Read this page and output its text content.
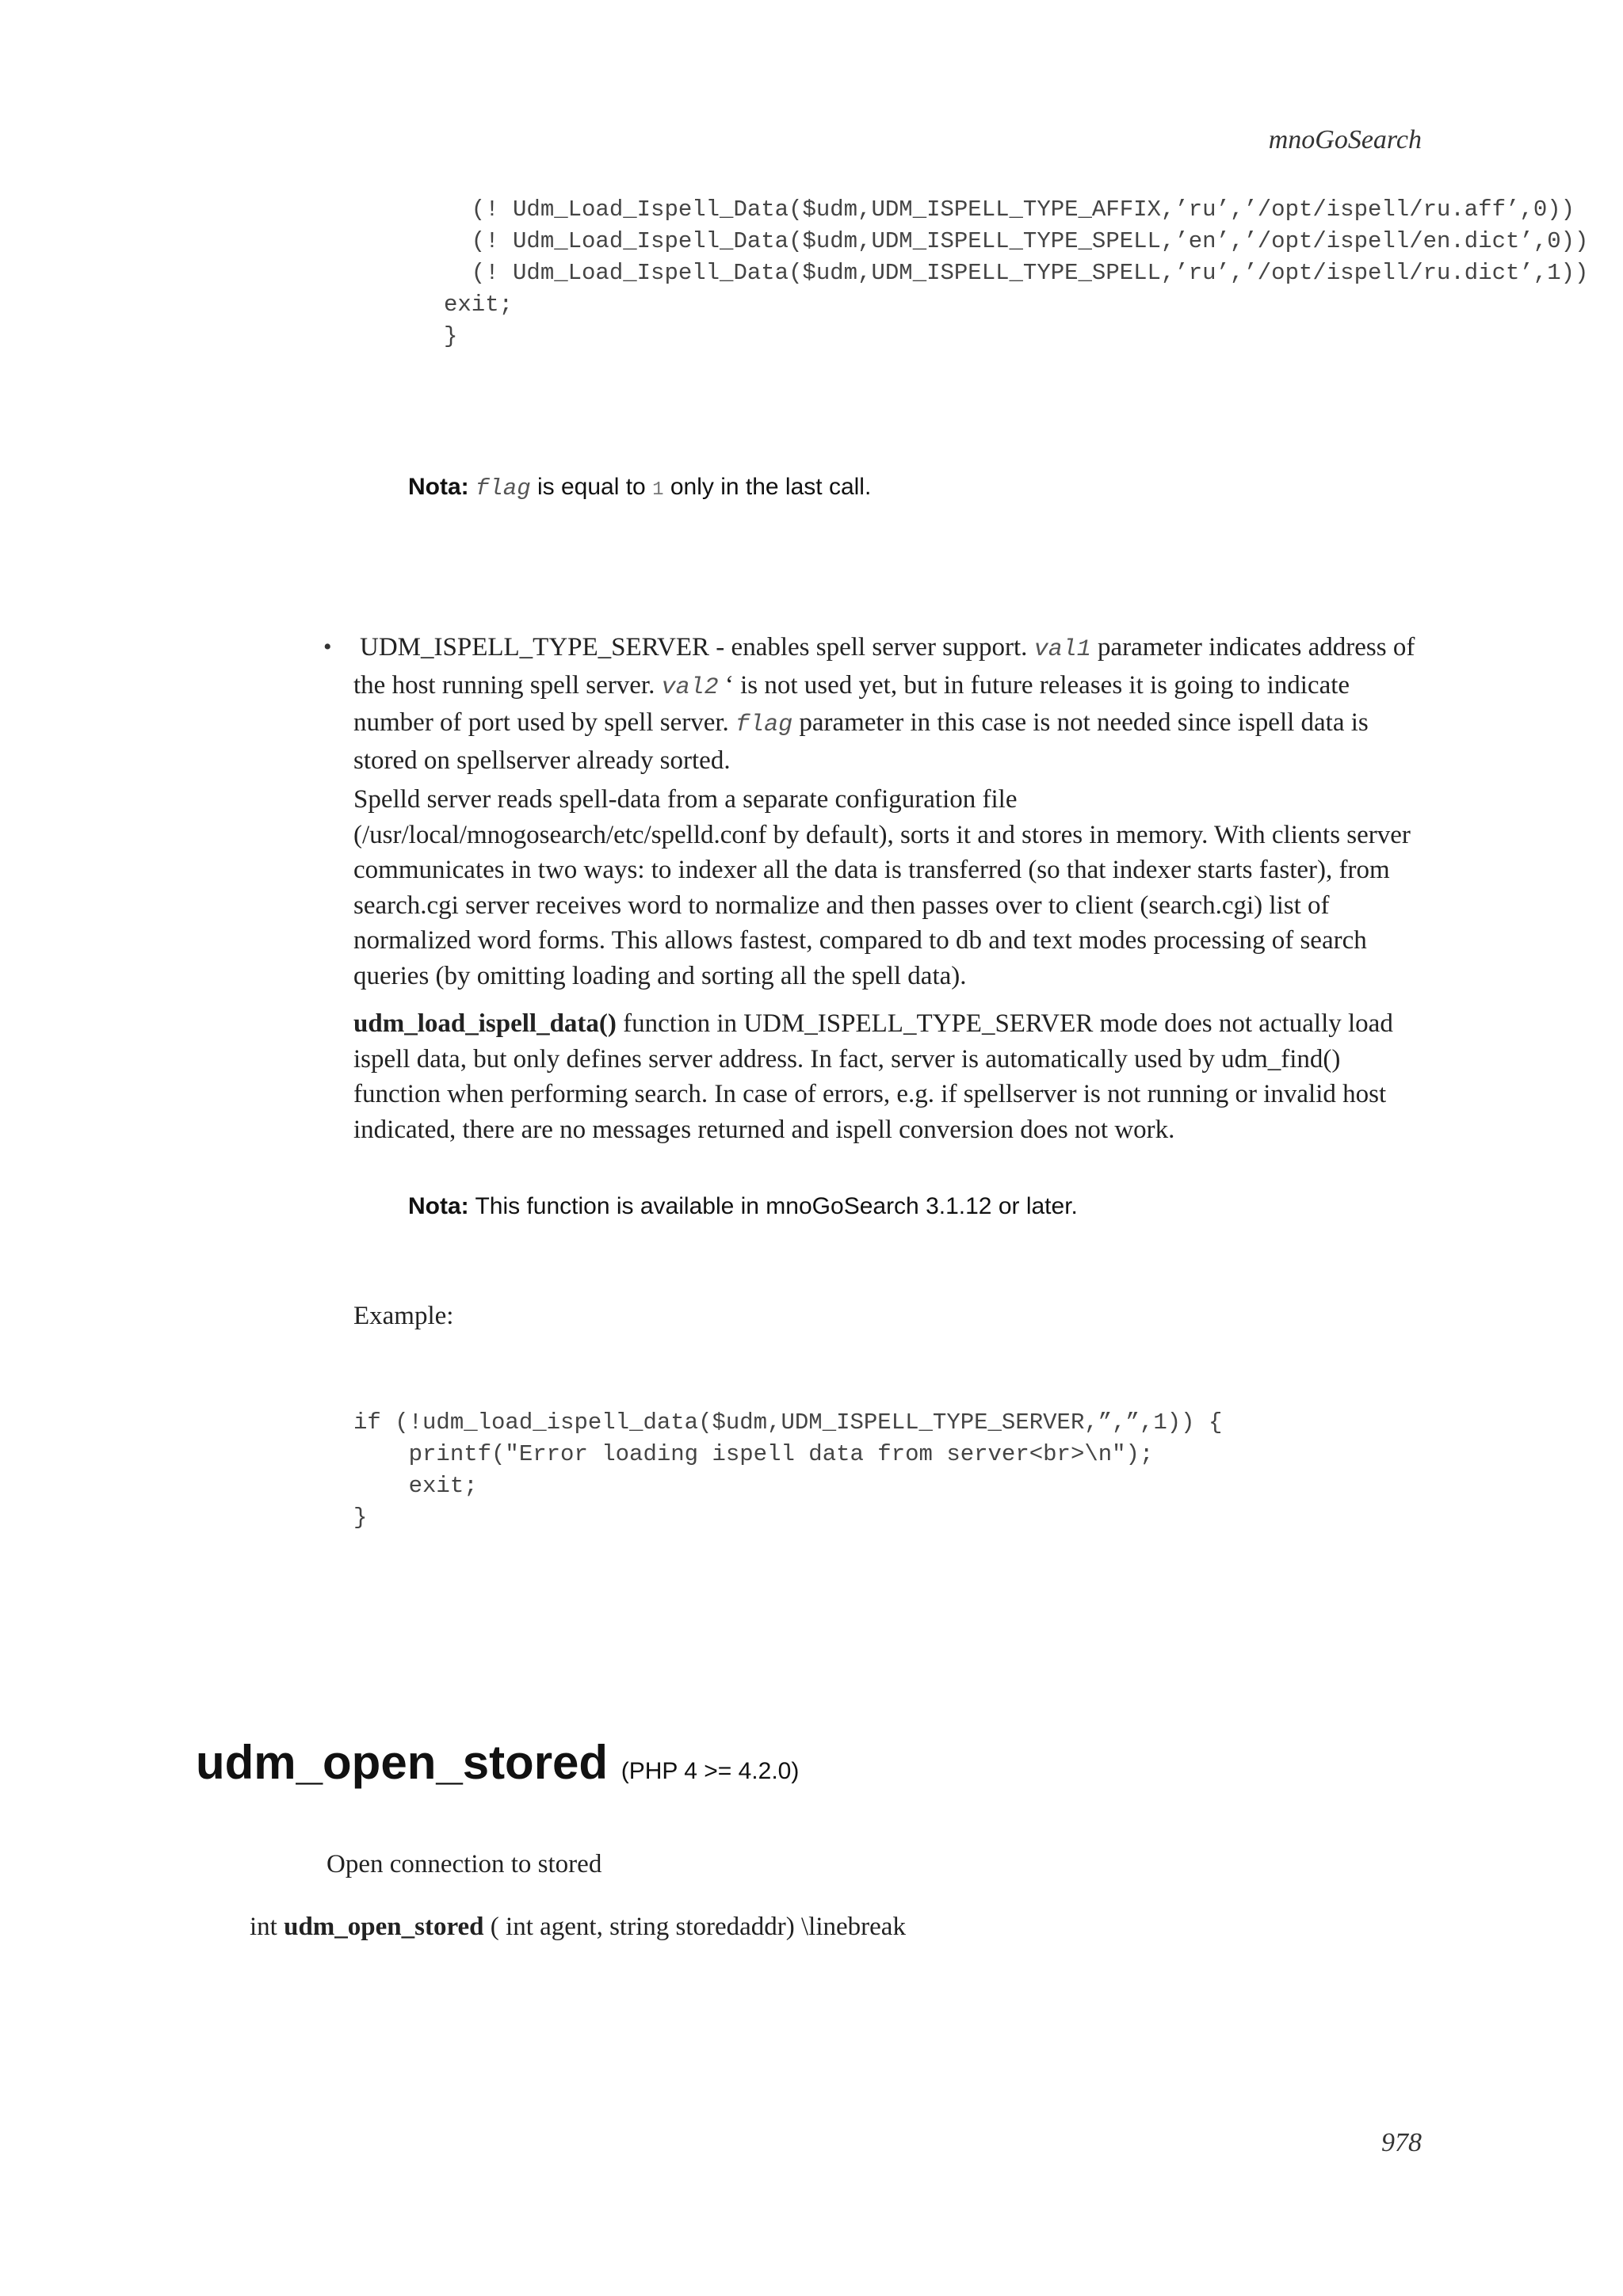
mnoGoSearch
(! Udm_Load_Ispell_Data($udm,UDM_ISPELL_TYPE_AFFIX,’ru’,’/opt/ispell/ru.aff’,0))
(! Udm_Load_Ispell_Data($udm,UDM_ISPELL_TYPE_SPELL,’en’,’/opt/ispell/en.dict’,0))
(! Udm_Load_Ispell_Data($udm,UDM_ISPELL_TYPE_SPELL,’ru’,’/opt/ispell/ru.dict’,1))
exit;
}
Nota: flag is equal to 1 only in the last call.
• UDM_ISPELL_TYPE_SERVER - enables spell server support. val1 parameter indicates address of the host running spell server. val2 ‘ is not used yet, but in future releases it is going to indicate number of port used by spell server. flag parameter in this case is not needed since ispell data is stored on spellserver already sorted.

Spelld server reads spell-data from a separate configuration file (/usr/local/mnogosearch/etc/spelld.conf by default), sorts it and stores in memory. With clients server communicates in two ways: to indexer all the data is transferred (so that indexer starts faster), from search.cgi server receives word to normalize and then passes over to client (search.cgi) list of normalized word forms. This allows fastest, compared to db and text modes processing of search queries (by omitting loading and sorting all the spell data).

udm_load_ispell_data() function in UDM_ISPELL_TYPE_SERVER mode does not actually load ispell data, but only defines server address. In fact, server is automatically used by udm_find() function when performing search. In case of errors, e.g. if spellserver is not running or invalid host indicated, there are no messages returned and ispell conversion does not work.

Nota: This function is available in mnoGoSearch 3.1.12 or later.
Example:
if (!udm_load_ispell_data($udm,UDM_ISPELL_TYPE_SERVER,”,”,1)) {
printf("Error loading ispell data from server<br>\n");
exit;
}
udm_open_stored (PHP 4 >= 4.2.0)
Open connection to stored
int udm_open_stored ( int agent, string storedaddr) \linebreak
978
